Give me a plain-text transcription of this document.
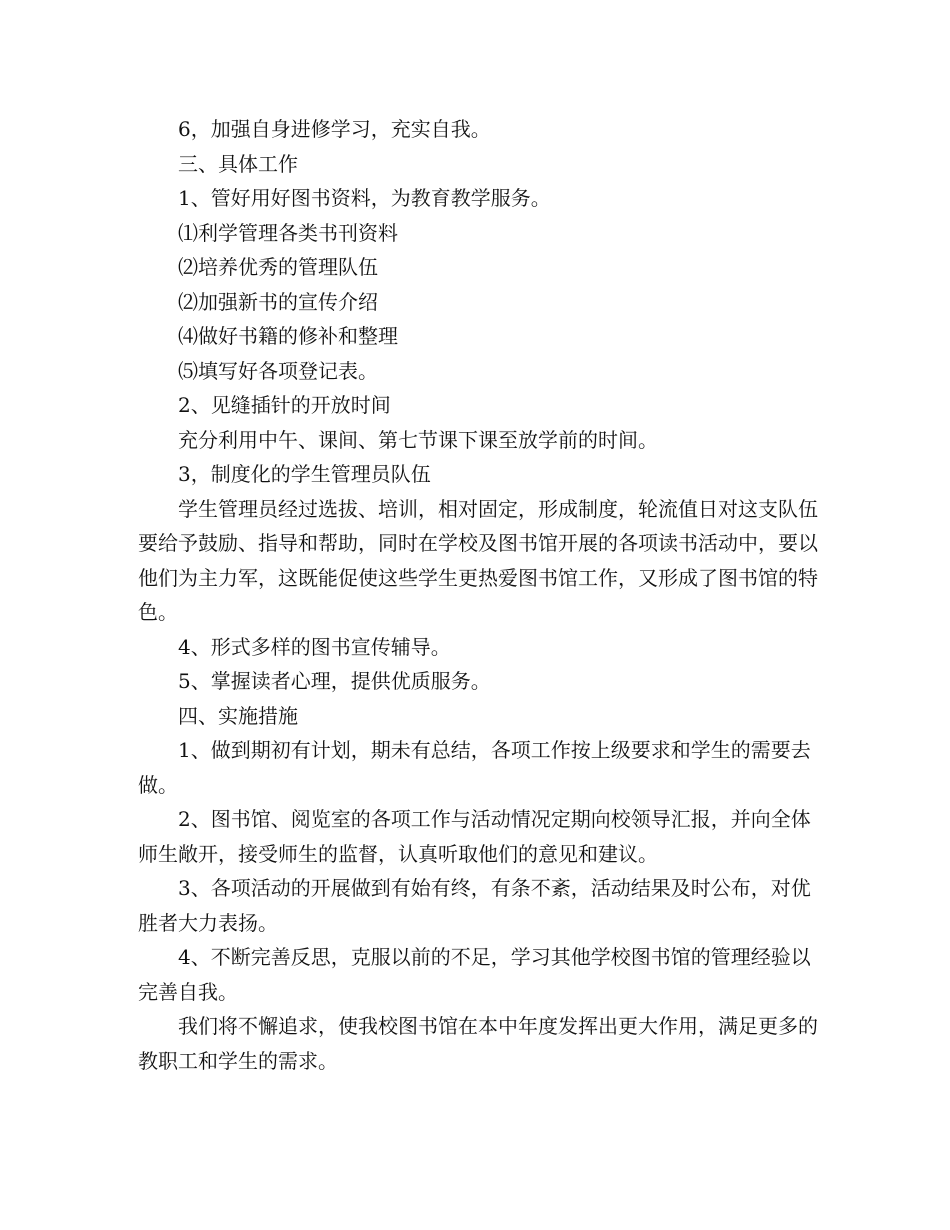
6，加强自身进修学习，充实自我。

三、具体工作

1、管好用好图书资料，为教育教学服务。

⑴利学管理各类书刊资料

⑵培养优秀的管理队伍

⑵加强新书的宣传介绍

⑷做好书籍的修补和整理

⑸填写好各项登记表。

2、见缝插针的开放时间

充分利用中午、课间、第七节课下课至放学前的时间。

3，制度化的学生管理员队伍

学生管理员经过选拔、培训，相对固定，形成制度，轮流值日对这支队伍要给予鼓励、指导和帮助，同时在学校及图书馆开展的各项读书活动中，要以他们为主力军，这既能促使这些学生更热爱图书馆工作，又形成了图书馆的特色。

4、形式多样的图书宣传辅导。

5、掌握读者心理，提供优质服务。

四、实施措施

1、做到期初有计划，期未有总结，各项工作按上级要求和学生的需要去做。

2、图书馆、阅览室的各项工作与活动情况定期向校领导汇报，并向全体师生敞开，接受师生的监督，认真听取他们的意见和建议。

3、各项活动的开展做到有始有终，有条不紊，活动结果及时公布，对优胜者大力表扬。

4、不断完善反思，克服以前的不足，学习其他学校图书馆的管理经验以完善自我。

我们将不懈追求，使我校图书馆在本中年度发挥出更大作用，满足更多的教职工和学生的需求。
